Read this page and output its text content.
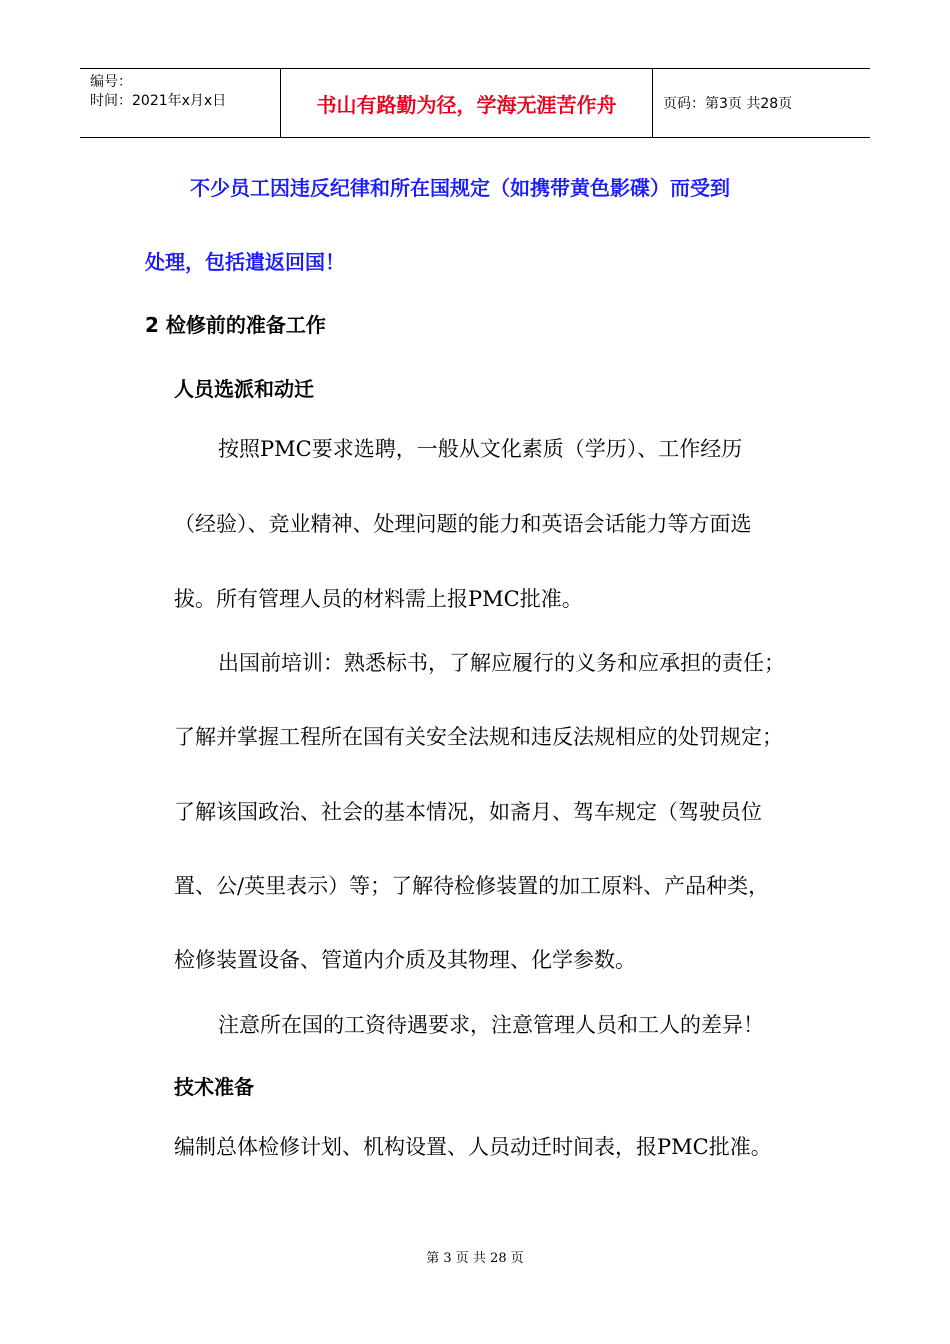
编号：
时间：2021年x月x日	书山有路勤为径，学海无涯苦作舟	页码：第3页 共28页
不少员工因违反纪律和所在国规定（如携带黄色影碟）而受到
处理，包括遣返回国！
2 检修前的准备工作
人员选派和动迁
按照PMC要求选聘，一般从文化素质（学历）、工作经历
（经验）、竞业精神、处理问题的能力和英语会话能力等方面选
拔。所有管理人员的材料需上报PMC批准。
出国前培训：熟悉标书，了解应履行的义务和应承担的责任；
了解并掌握工程所在国有关安全法规和违反法规相应的处罚规定；
了解该国政治、社会的基本情况，如斋月、驾车规定（驾驶员位
置、公/英里表示）等；了解待检修装置的加工原料、产品种类，
检修装置设备、管道内介质及其物理、化学参数。
注意所在国的工资待遇要求，注意管理人员和工人的差异！
技术准备
编制总体检修计划、机构设置、人员动迁时间表，报PMC批准。
第 3 页 共 28 页
